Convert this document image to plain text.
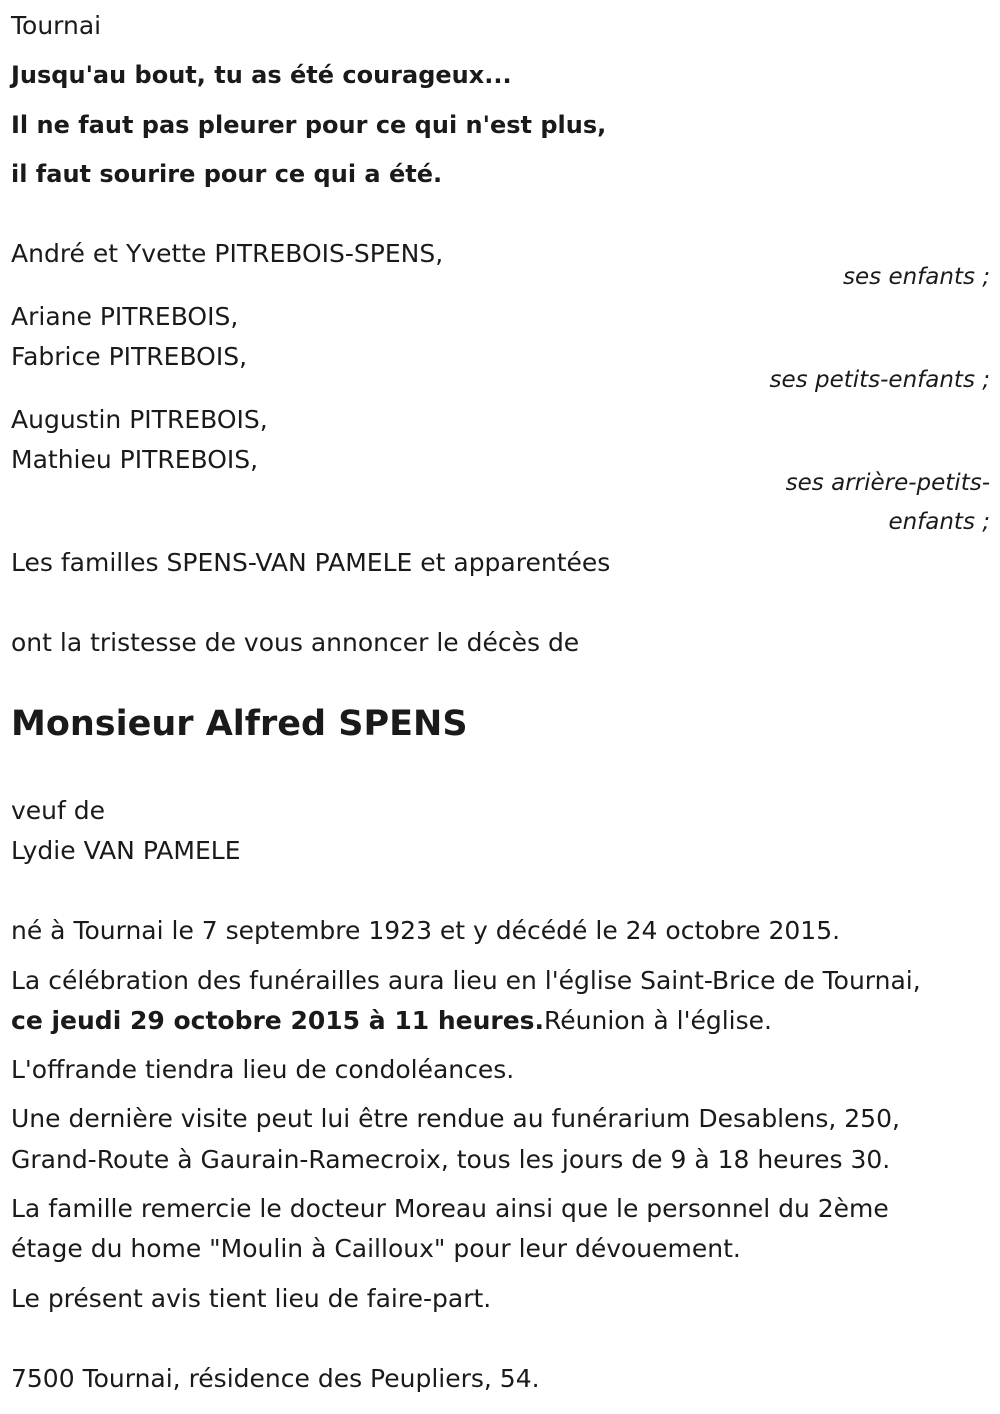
Tournai

Jusqu'au bout, tu as été courageux...

Il ne faut pas pleurer pour ce qui n'est plus,

il faut sourire pour ce qui a été.

André et Yvette PITREBOIS-SPENS,

ses enfants ;

Ariane PITREBOIS,

Fabrice PITREBOIS,

ses petits-enfants ;

Augustin PITREBOIS,

Mathieu PITREBOIS,

ses arrière-petits-

enfants ;

Les familles SPENS-VAN PAMELE et apparentées

ont la tristesse de vous annoncer le décès de

Monsieur Alfred SPENS

veuf de

Lydie VAN PAMELE

né à Tournai le 7 septembre 1923 et y décédé le 24 octobre 2015.

La célébration des funérailles aura lieu en l'église Saint-Brice de Tournai,

ce jeudi 29 octobre 2015 à 11 heures.Réunion à l'église.

L'offrande tiendra lieu de condoléances.

Une dernière visite peut lui être rendue au funérarium Desablens, 250,

Grand-Route à Gaurain-Ramecroix, tous les jours de 9 à 18 heures 30.

La famille remercie le docteur Moreau ainsi que le personnel du 2ème

étage du home "Moulin à Cailloux" pour leur dévouement.

Le présent avis tient lieu de faire-part.

7500 Tournai, résidence des Peupliers, 54.
